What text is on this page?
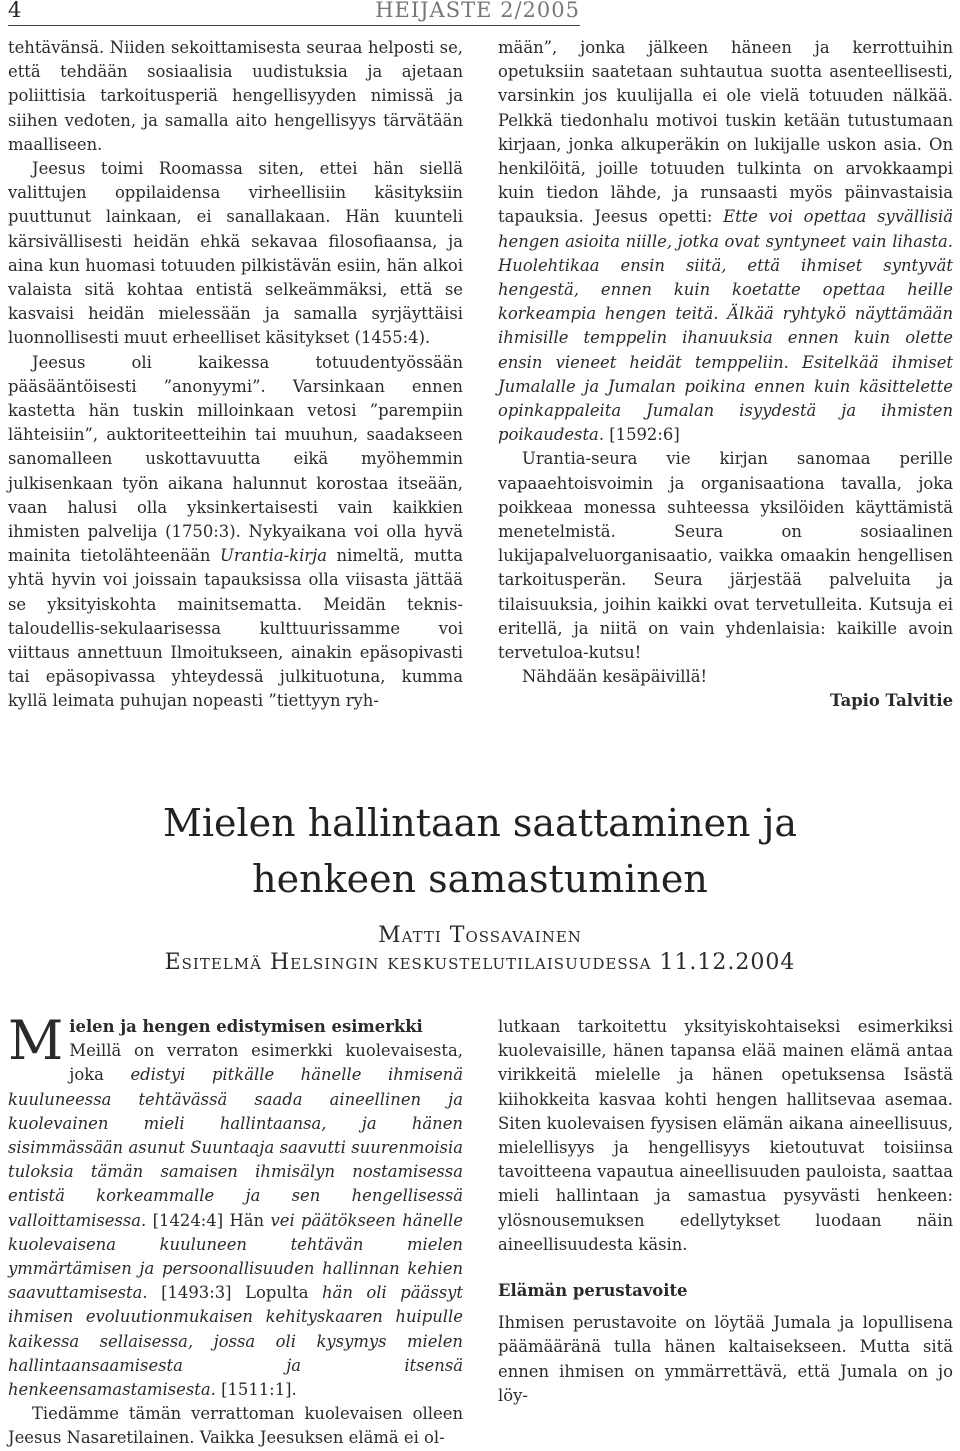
4	HEIJASTE 2/2005

tehtävänsä. Niiden sekoittamisesta seuraa helposti se, että tehdään sosiaalisia uudistuksia ja ajetaan poliittisia tarkoitusperiä hengellisyyden nimissä ja siihen vedoten, ja samalla aito hengellisyys tärvätään maalliseen.

Jeesus toimi Roomassa siten, ettei hän siellä valittujen oppilaidensa virheellisiin käsityksiin puuttunut lainkaan, ei sanallakaan. Hän kuunteli kärsivällisesti heidän ehkä sekavaa filosofiaansa, ja aina kun huomasi totuuden pilkistävän esiin, hän alkoi valaista sitä kohtaa entistä selkeämmäksi, että se kasvaisi heidän mielessään ja samalla syrjäyttäisi luonnollisesti muut erheelliset käsitykset (1455:4).

Jeesus oli kaikessa totuudentyössään pääsääntöisesti ”anonyymi”. Varsinkaan ennen kastetta hän tuskin milloinkaan vetosi ”parempiin lähteisiin”, auktoriteetteihin tai muuhun, saadakseen sanomalleen uskottavuutta eikä myöhemmin julkisenkaan työn aikana halunnut korostaa itseään, vaan halusi olla yksinkertaisesti vain kaikkien ihmisten palvelija (1750:3). Nykyaikana voi olla hyvä mainita tietolähteenään Urantia-kirja nimeltä, mutta yhtä hyvin voi joissain tapauksissa olla viisasta jättää se yksityiskohta mainitsematta. Meidän teknis-taloudellis-sekulaarisessa kulttuurissamme voi viittaus annettuun Ilmoitukseen, ainakin epäsopivasti tai epäsopivassa yhteydessä julkituotuna, kumma kyllä leimata puhujan nopeasti ”tiettyyn ryh-

mään”, jonka jälkeen häneen ja kerrottuihin opetuksiin saatetaan suhtautua suotta asenteellisesti, varsinkin jos kuulijalla ei ole vielä totuuden nälkää. Pelkkä tiedonhalu motivoi tuskin ketään tutustumaan kirjaan, jonka alkuperäkin on lukijalle uskon asia. On henkilöitä, joille totuuden tulkinta on arvokkaampi kuin tiedon lähde, ja runsaasti myös päinvastaisia tapauksia. Jeesus opetti: Ette voi opettaa syvällisiä hengen asioita niille, jotka ovat syntyneet vain lihasta. Huolehtikaa ensin siitä, että ihmiset syntyvät hengestä, ennen kuin koetatte opettaa heille korkeampia hengen teitä. Älkää ryhtykö näyttämään ihmisille temppelin ihanuuksia ennen kuin olette ensin vieneet heidät temppeliin. Esitelkää ihmiset Jumalalle ja Jumalan poikina ennen kuin käsittelette opinkappaleita Jumalan isyydestä ja ihmisten poikaudesta. [1592:6]

Urantia-seura vie kirjan sanomaa perille vapaaehtoisvoimin ja organisaationa tavalla, joka poikkeaa monessa suhteessa yksilöiden käyttämistä menetelmistä. Seura on sosiaalinen lukijapalveluorganisaatio, vaikka omaakin hengellisen tarkoitusperän. Seura järjestää palveluita ja tilaisuuksia, joihin kaikki ovat tervetulleita. Kutsuja ei eritellä, ja niitä on vain yhdenlaisia: kaikille avoin tervetuloa-kutsu!

Nähdään kesäpäivillä!

Tapio Talvitie

Mielen hallintaan saattaminen ja
henkeen samastuminen
Matti Tossavainen
Esitelmä Helsingin keskustelutilaisuudessa 11.12.2004

Mielen ja hengen edistymisen esimerkki
Meillä on verraton esimerkki kuolevaisesta, joka edistyi pitkälle hänelle ihmisenä kuuluneessa tehtävässä saada aineellinen ja kuolevainen mieli hallintaansa, ja hänen sisimmässään asunut Suuntaaja saavutti suurenmoisia tuloksia tämän samaisen ihmisälyn nostamisessa entistä korkeammalle ja sen hengellisessä valloittamisessa. [1424:4] Hän vei päätökseen hänelle kuolevaisena kuuluneen tehtävän mielen ymmärtämisen ja persoonallisuuden hallinnan kehien saavuttamisesta. [1493:3] Lopulta hän oli päässyt ihmisen evoluutionmukaisen kehityskaaren huipulle kaikessa sellaisessa, jossa oli kysymys mielen hallintaansaamisesta ja itsensä henkeensamastamisesta. [1511:1].

Tiedämme tämän verrattoman kuolevaisen olleen Jeesus Nasaretilainen. Vaikka Jeesuksen elämä ei ol-

lutkaan tarkoitettu yksityiskohtaiseksi esimerkiksi kuolevaisille, hänen tapansa elää mainen elämä antaa virikkeitä mielelle ja hänen opetuksensa Isästä kiihokkeita kasvaa kohti hengen hallitsevaa asemaa. Siten kuolevaisen fyysisen elämän aikana aineellisuus, mielellisyys ja hengellisyys kietoutuvat toisiinsa tavoitteena vapautua aineellisuuden pauloista, saattaa mieli hallintaan ja samastua pysyvästi henkeen: ylösnousemuksen edellytykset luodaan näin aineellisuudesta käsin.

Elämän perustavoite

Ihmisen perustavoite on löytää Jumala ja lopullisena päämääränä tulla hänen kaltaisekseen. Mutta sitä ennen ihmisen on ymmärrettävä, että Jumala on jo löy-
